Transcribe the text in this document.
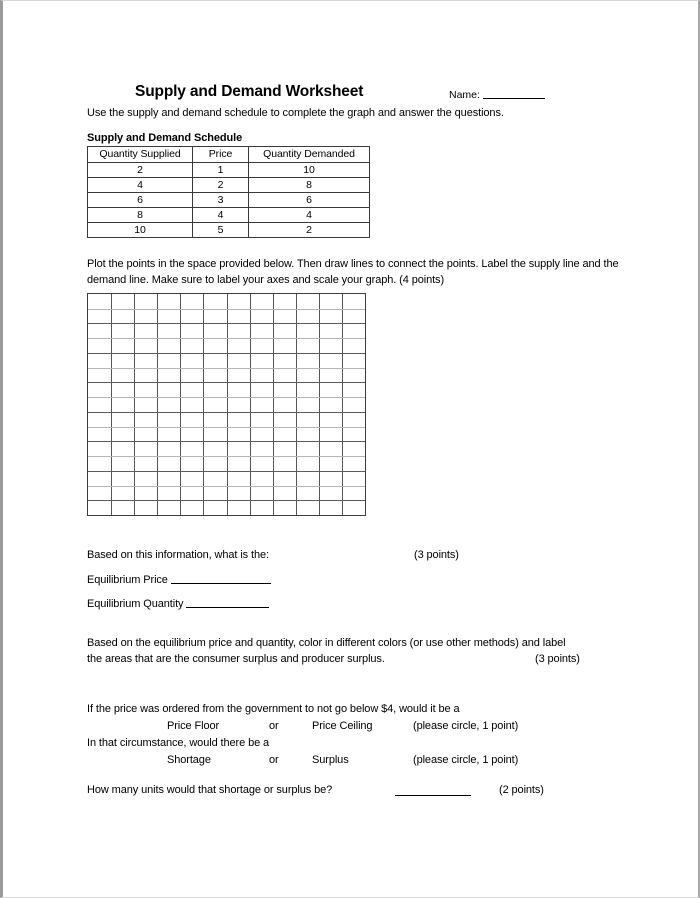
Supply and Demand Worksheet	Name:
Use the supply and demand schedule to complete the graph and answer the questions.
Supply and Demand Schedule
Quantity Supplied	Price	Quantity Demanded
2	1	10
4	2	8
6	3	6
8	4	4
10	5	2
Plot the points in the space provided below. Then draw lines to connect the points. Label the supply line and the demand line. Make sure to label your axes and scale your graph. (4 points)
Based on this information, what is the:	(3 points)
Equilibrium Price
Equilibrium Quantity
Based on the equilibrium price and quantity, color in different colors (or use other methods) and label
the areas that are the consumer surplus and producer surplus.	(3 points)
If the price was ordered from the government to not go below $4, would it be a
Price Floor	or	Price Ceiling	(please circle, 1 point)
In that circumstance, would there be a
Shortage	or	Surplus	(please circle, 1 point)
How many units would that shortage or surplus be?	(2 points)
